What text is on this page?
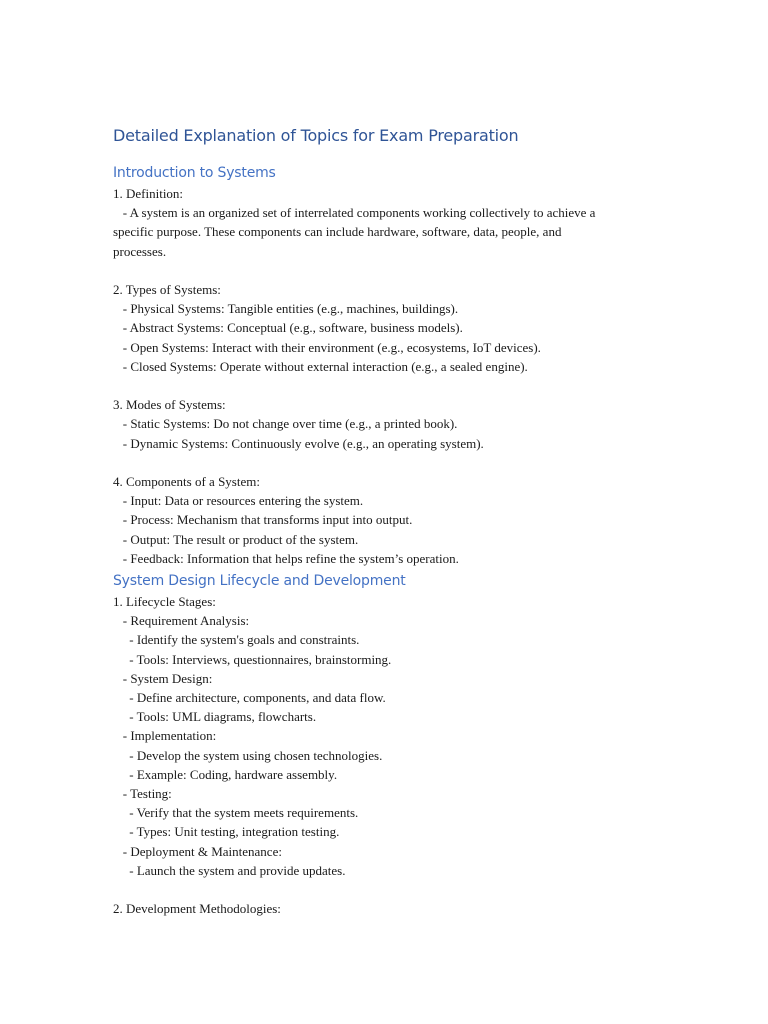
Detailed Explanation of Topics for Exam Preparation
Introduction to Systems

1. Definition:

- A system is an organized set of interrelated components working collectively to achieve a

specific purpose. These components can include hardware, software, data, people, and

processes.

2. Types of Systems:

- Physical Systems: Tangible entities (e.g., machines, buildings).

- Abstract Systems: Conceptual (e.g., software, business models).

- Open Systems: Interact with their environment (e.g., ecosystems, IoT devices).

- Closed Systems: Operate without external interaction (e.g., a sealed engine).

3. Modes of Systems:

- Static Systems: Do not change over time (e.g., a printed book).

- Dynamic Systems: Continuously evolve (e.g., an operating system).

4. Components of a System:

- Input: Data or resources entering the system.

- Process: Mechanism that transforms input into output.

- Output: The result or product of the system.

- Feedback: Information that helps refine the system’s operation.

System Design Lifecycle and Development

1. Lifecycle Stages:

- Requirement Analysis:

- Identify the system's goals and constraints.

- Tools: Interviews, questionnaires, brainstorming.

- System Design:

- Define architecture, components, and data flow.

- Tools: UML diagrams, flowcharts.

- Implementation:

- Develop the system using chosen technologies.

- Example: Coding, hardware assembly.

- Testing:

- Verify that the system meets requirements.

- Types: Unit testing, integration testing.

- Deployment & Maintenance:

- Launch the system and provide updates.

2. Development Methodologies:
